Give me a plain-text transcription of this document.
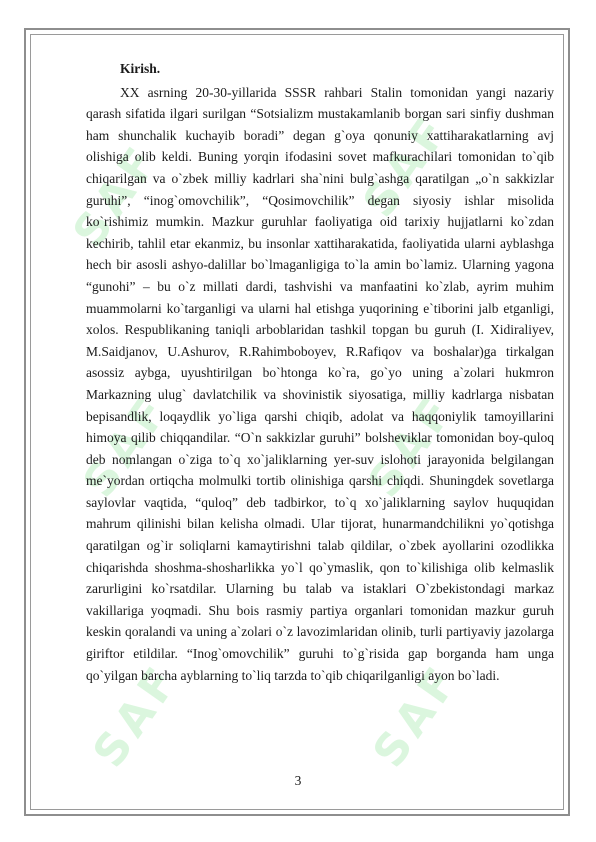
SAF	SAF
SAF	SAF
SAF	SAF

Kirish.

XX asrning 20-30-yillarida SSSR rahbari Stalin tomonidan yangi nazariy qarash sifatida ilgari surilgan “Sotsializm mustakamlanib borgan sari sinfiy dushman ham shunchalik kuchayib boradi” degan g`oya qonuniy xattiharakatlarning avj olishiga olib keldi. Buning yorqin ifodasini sovet mafkurachilari tomonidan to`qib chiqarilgan va o`zbek milliy kadrlari sha`nini bulg`ashga qaratilgan „o`n sakkizlar guruhi”, “inog`omovchilik”, “Qosimovchilik” degan siyosiy ishlar misolida ko`rishimiz mumkin. Mazkur guruhlar faoliyatiga oid tarixiy hujjatlarni ko`zdan kechirib, tahlil etar ekanmiz, bu insonlar xattiharakatida, faoliyatida ularni ayblashga hech bir asosli ashyo-dalillar bo`lmaganligiga to`la amin bo`lamiz. Ularning yagona “gunohi” – bu o`z millati dardi, tashvishi va manfaatini ko`zlab, ayrim muhim muammolarni ko`targanligi va ularni hal etishga yuqorining e`tiborini jalb etganligi, xolos. Respublikaning taniqli arboblaridan tashkil topgan bu guruh (I. Xidiraliyev, M.Saidjanov, U.Ashurov, R.Rahimboboyev, R.Rafiqov va boshalar)ga tirkalgan asossiz aybga, uyushtirilgan bo`htonga ko`ra, go`yo uning a`zolari hukmron Markazning ulug` davlatchilik va shovinistik siyosatiga, milliy kadrlarga nisbatan bepisandlik, loqaydlik yo`liga qarshi chiqib, adolat va haqqoniylik tamoyillarini himoya qilib chiqqandilar. “O`n sakkizlar guruhi” bolsheviklar tomonidan boy-quloq deb nomlangan o`ziga to`q xo`jaliklarning yer-suv islohoti jarayonida belgilangan me`yordan ortiqcha molmulki tortib olinishiga qarshi chiqdi. Shuningdek sovetlarga saylovlar vaqtida, “quloq” deb tadbirkor, to`q xo`jaliklarning saylov huquqidan mahrum qilinishi bilan kelisha olmadi. Ular tijorat, hunarmandchilikni yo`qotishga qaratilgan og`ir soliqlarni kamaytirishni talab qildilar, o`zbek ayollarini ozodlikka chiqarishda shoshma-shosharlikka yo`l qo`ymaslik, qon to`kilishiga olib kelmaslik zarurligini ko`rsatdilar. Ularning bu talab va istaklari O`zbekistondagi markaz vakillariga yoqmadi. Shu bois rasmiy partiya organlari tomonidan mazkur guruh keskin qoralandi va uning a`zolari o`z lavozimlaridan olinib, turli partiyaviy jazolarga giriftor etildilar. “Inog`omovchilik” guruhi to`g`risida gap borganda ham unga qo`yilgan barcha ayblarning to`liq tarzda to`qib chiqarilganligi ayon bo`ladi.

3
